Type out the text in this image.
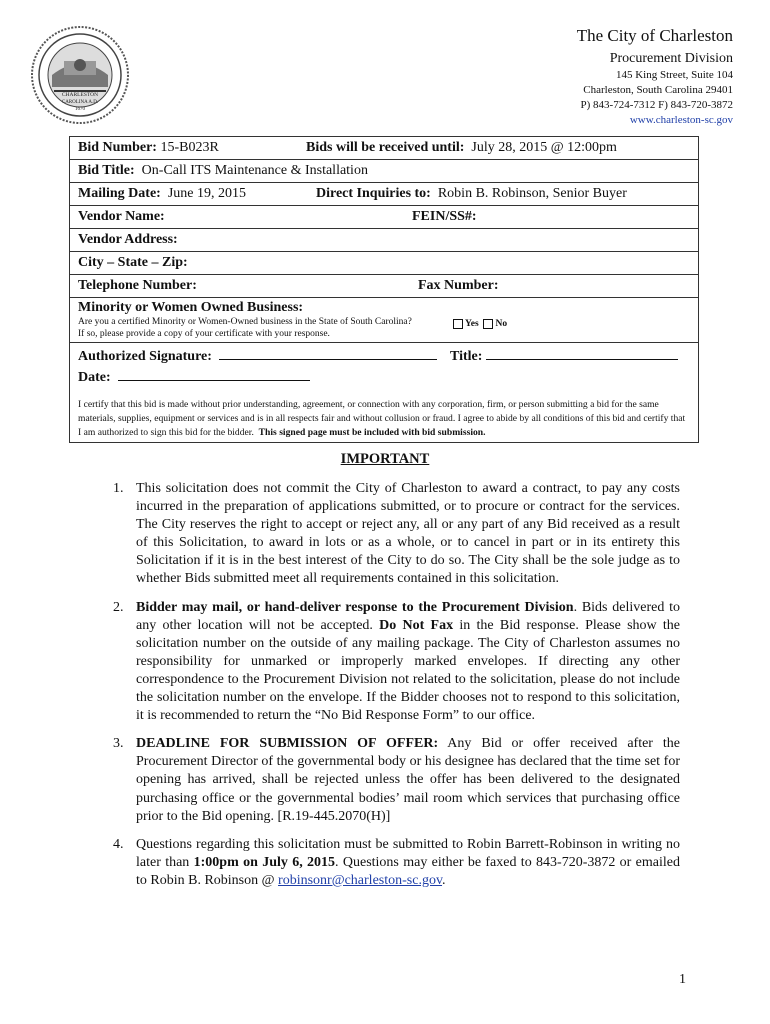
CHARLESTON
CAROLINA A.D.
1670
The City of Charleston
Procurement Division
145 King Street, Suite 104
Charleston, South Carolina 29401
P) 843-724-7312 F) 843-720-3872
www.charleston-sc.gov
Bid Number:
15-B023R	Bids will be received until: July 28, 2015 @ 12:00pm
Bid Title:
On-Call ITS Maintenance & Installation
Mailing Date:
June 19, 2015	Direct Inquiries to: Robin B. Robinson, Senior Buyer
Vendor Name:	FEIN/SS#:
Vendor Address:
City – State – Zip:
Telephone Number:	Fax Number:
Minority or Women Owned Business:
Are you a certified Minority or Women-Owned business in the State of South Carolina?
If so, please provide a copy of your certificate with your response.
Yes No
Authorized Signature:	Title:
Date:
I certify that this bid is made without prior understanding, agreement, or connection with any corporation, firm, or person submitting a bid for the same materials, supplies, equipment or services and is in all respects fair and without collusion or fraud. I agree to abide by all conditions of this bid and certify that I am authorized to sign this bid for the bidder. This signed page must be included with bid submission.
IMPORTANT
1. This solicitation does not commit the City of Charleston to award a contract, to pay any costs incurred in the preparation of applications submitted, or to procure or contract for the services. The City reserves the right to accept or reject any, all or any part of any Bid received as a result of this Solicitation, to award in lots or as a whole, or to cancel in part or in its entirety this Solicitation if it is in the best interest of the City to do so. The City shall be the sole judge as to whether Bids submitted meet all requirements contained in this solicitation.
2. Bidder may mail, or hand-deliver response to the Procurement Division. Bids delivered to any other location will not be accepted. Do Not Fax in the Bid response. Please show the solicitation number on the outside of any mailing package. The City of Charleston assumes no responsibility for unmarked or improperly marked envelopes. If directing any other correspondence to the Procurement Division not related to the solicitation, please do not include the solicitation number on the envelope. If the Bidder chooses not to respond to this solicitation, it is recommended to return the “No Bid Response Form” to our office.
3. DEADLINE FOR SUBMISSION OF OFFER: Any Bid or offer received after the Procurement Director of the governmental body or his designee has declared that the time set for opening has arrived, shall be rejected unless the offer has been delivered to the designated purchasing office or the governmental bodies’ mail room which services that purchasing office prior to the Bid opening. [R.19-445.2070(H)]
4. Questions regarding this solicitation must be submitted to Robin Barrett-Robinson in writing no later than 1:00pm on July 6, 2015. Questions may either be faxed to 843-720-3872 or emailed to Robin B. Robinson @ robinsonr@charleston-sc.gov.
1
